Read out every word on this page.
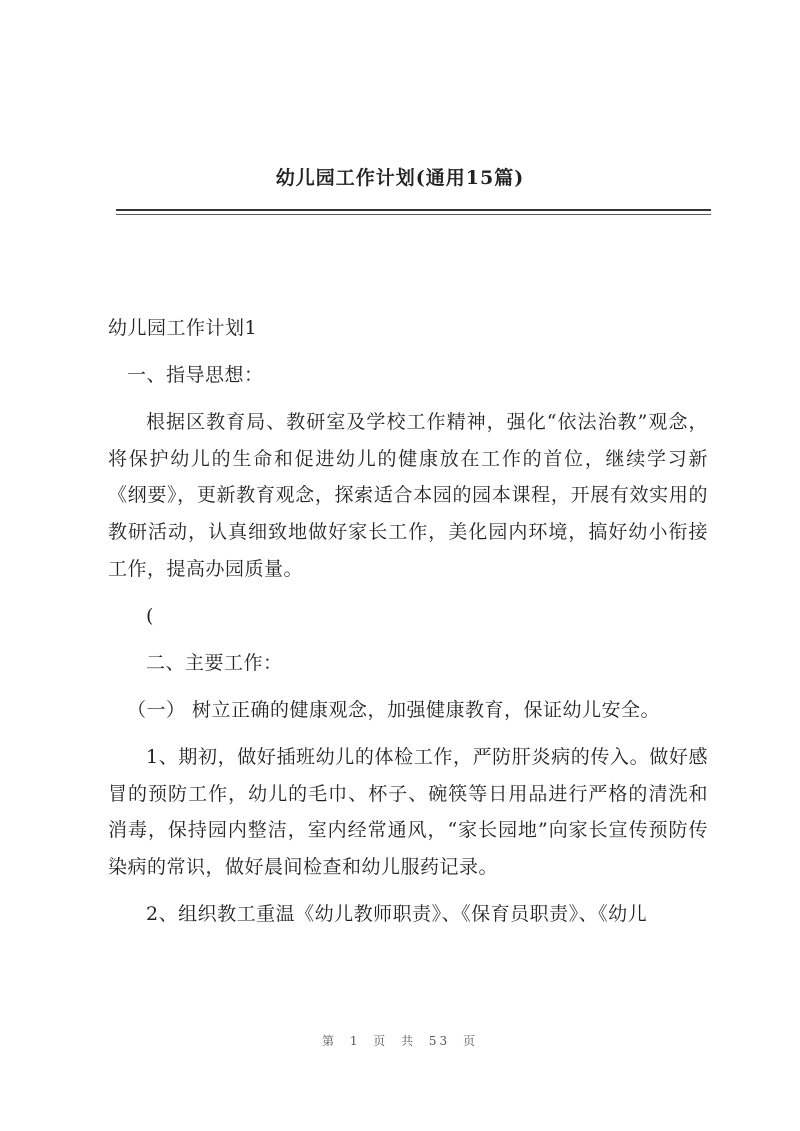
幼儿园工作计划(通用15篇)

幼儿园工作计划1

一、指导思想：

根据区教育局、教研室及学校工作精神，强化“依法治教”观念，将保护幼儿的生命和促进幼儿的健康放在工作的首位，继续学习新《纲要》，更新教育观念，探索适合本园的园本课程，开展有效实用的教研活动，认真细致地做好家长工作，美化园内环境，搞好幼小衔接工作，提高办园质量。

(

二、主要工作：

（一） 树立正确的健康观念，加强健康教育，保证幼儿安全。

1、期初，做好插班幼儿的体检工作，严防肝炎病的传入。做好感冒的预防工作，幼儿的毛巾、杯子、碗筷等日用品进行严格的清洗和消毒，保持园内整洁，室内经常通风，“家长园地”向家长宣传预防传染病的常识，做好晨间检查和幼儿服药记录。

2、组织教工重温《幼儿教师职责》、《保育员职责》、《幼儿

第 1 页 共 53 页
